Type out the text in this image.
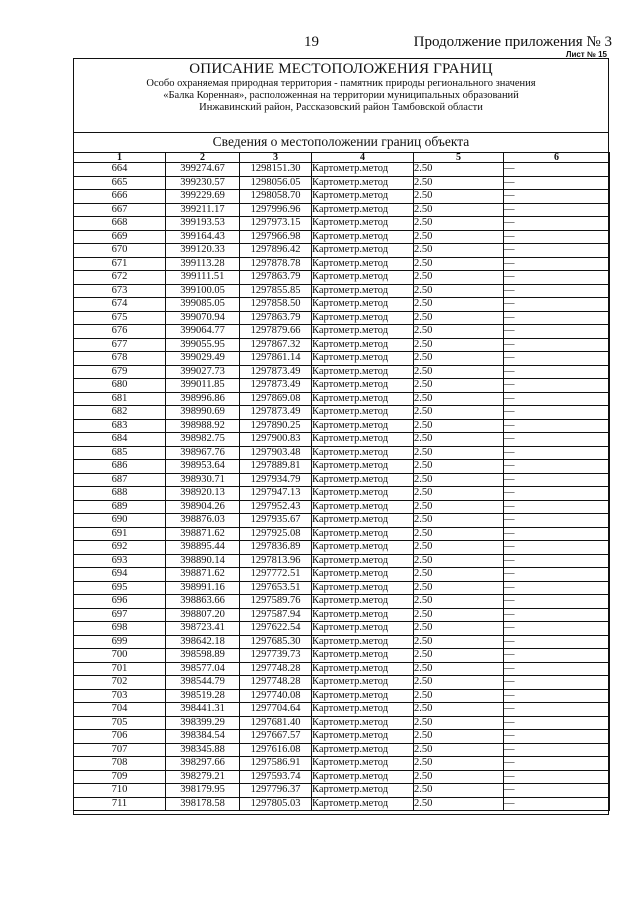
19	Продолжение приложения № 3
Лист № 15
ОПИСАНИЕ МЕСТОПОЛОЖЕНИЯ ГРАНИЦ
Особо охраняемая природная территория - памятник природы регионального значения
«Балка Коренная», расположенная на территории муниципальных образований
Инжавинский район, Рассказовский район Тамбовской области
Сведения о местоположении границ объекта
1	2	3	4	5	6
664	399274.67	1298151.30	Картометр.метод	2.50	—
665	399230.57	1298056.05	Картометр.метод	2.50	—
666	399229.69	1298058.70	Картометр.метод	2.50	—
667	399211.17	1297996.96	Картометр.метод	2.50	—
668	399193.53	1297973.15	Картометр.метод	2.50	—
669	399164.43	1297966.98	Картометр.метод	2.50	—
670	399120.33	1297896.42	Картометр.метод	2.50	—
671	399113.28	1297878.78	Картометр.метод	2.50	—
672	399111.51	1297863.79	Картометр.метод	2.50	—
673	399100.05	1297855.85	Картометр.метод	2.50	—
674	399085.05	1297858.50	Картометр.метод	2.50	—
675	399070.94	1297863.79	Картометр.метод	2.50	—
676	399064.77	1297879.66	Картометр.метод	2.50	—
677	399055.95	1297867.32	Картометр.метод	2.50	—
678	399029.49	1297861.14	Картометр.метод	2.50	—
679	399027.73	1297873.49	Картометр.метод	2.50	—
680	399011.85	1297873.49	Картометр.метод	2.50	—
681	398996.86	1297869.08	Картометр.метод	2.50	—
682	398990.69	1297873.49	Картометр.метод	2.50	—
683	398988.92	1297890.25	Картометр.метод	2.50	—
684	398982.75	1297900.83	Картометр.метод	2.50	—
685	398967.76	1297903.48	Картометр.метод	2.50	—
686	398953.64	1297889.81	Картометр.метод	2.50	—
687	398930.71	1297934.79	Картометр.метод	2.50	—
688	398920.13	1297947.13	Картометр.метод	2.50	—
689	398904.26	1297952.43	Картометр.метод	2.50	—
690	398876.03	1297935.67	Картометр.метод	2.50	—
691	398871.62	1297925.08	Картометр.метод	2.50	—
692	398895.44	1297836.89	Картометр.метод	2.50	—
693	398890.14	1297813.96	Картометр.метод	2.50	—
694	398871.62	1297772.51	Картометр.метод	2.50	—
695	398991.16	1297653.51	Картометр.метод	2.50	—
696	398863.66	1297589.76	Картометр.метод	2.50	—
697	398807.20	1297587.94	Картометр.метод	2.50	—
698	398723.41	1297622.54	Картометр.метод	2.50	—
699	398642.18	1297685.30	Картометр.метод	2.50	—
700	398598.89	1297739.73	Картометр.метод	2.50	—
701	398577.04	1297748.28	Картометр.метод	2.50	—
702	398544.79	1297748.28	Картометр.метод	2.50	—
703	398519.28	1297740.08	Картометр.метод	2.50	—
704	398441.31	1297704.64	Картометр.метод	2.50	—
705	398399.29	1297681.40	Картометр.метод	2.50	—
706	398384.54	1297667.57	Картометр.метод	2.50	—
707	398345.88	1297616.08	Картометр.метод	2.50	—
708	398297.66	1297586.91	Картометр.метод	2.50	—
709	398279.21	1297593.74	Картометр.метод	2.50	—
710	398179.95	1297796.37	Картометр.метод	2.50	—
711	398178.58	1297805.03	Картометр.метод	2.50	—
